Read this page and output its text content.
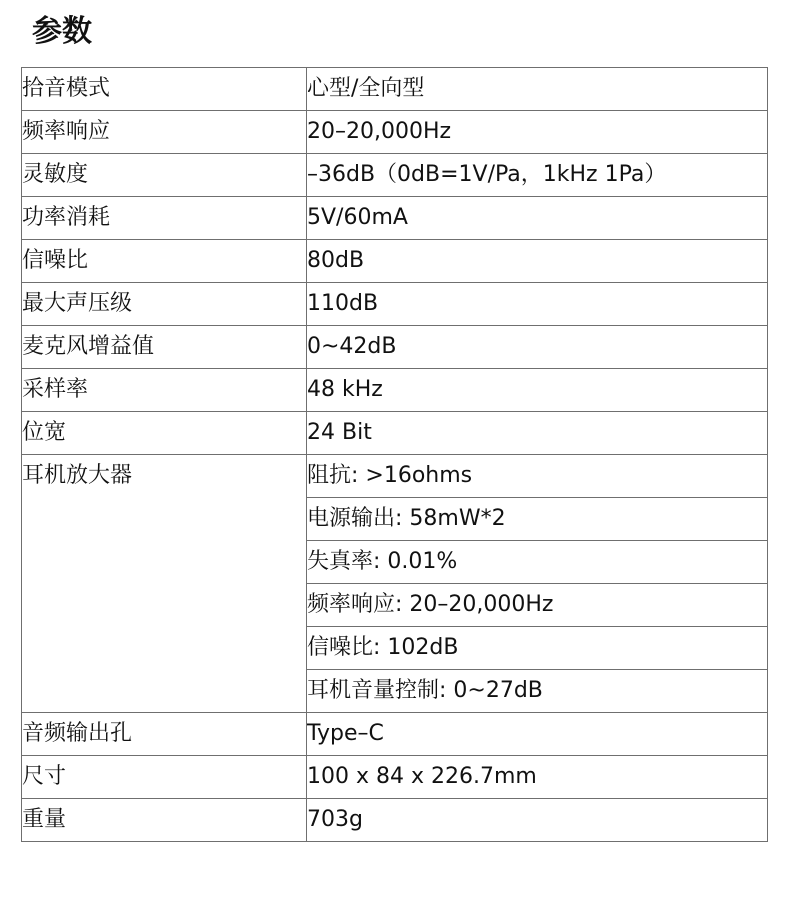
参数
拾音模式	心型/全向型
频率响应	20–20,000Hz
灵敏度	–36dB（0dB=1V/Pa，1kHz 1Pa）
功率消耗	5V/60mA
信噪比	80dB
最大声压级	110dB
麦克风增益值	0~42dB
采样率	48 kHz
位宽	24 Bit
耳机放大器	阻抗: >16ohms
	电源输出: 58mW*2
	失真率: 0.01%
	频率响应: 20–20,000Hz
	信噪比: 102dB
	耳机音量控制: 0~27dB
音频输出孔	Type–C
尺寸	100 x 84 x 226.7mm
重量	703g
